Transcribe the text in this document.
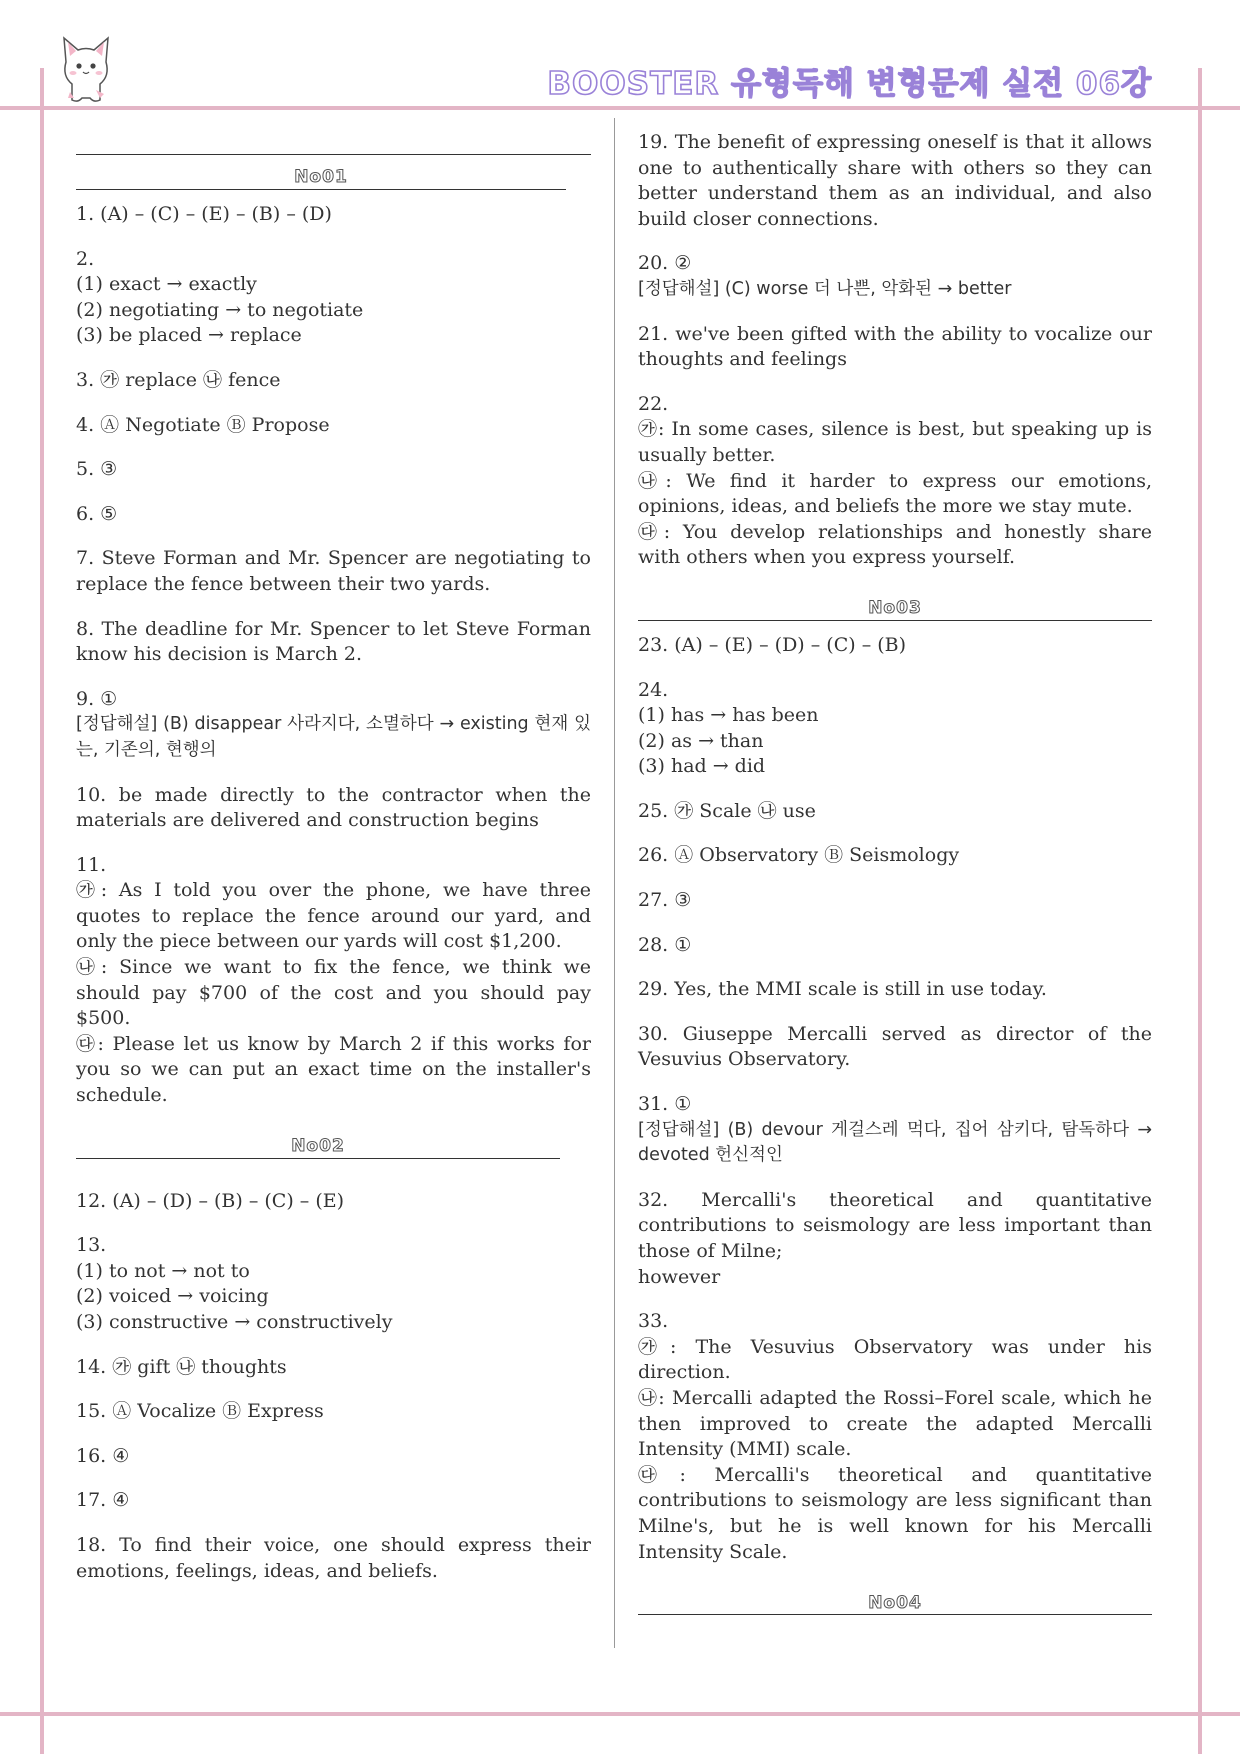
BOOSTER 유형독해 변형문제 실전 06강
No01
1. (A) – (C) – (E) – (B) – (D)
2.
(1) exact → exactly
(2) negotiating → to negotiate
(3) be placed → replace
3. ㉮ replace ㉯ fence
4. Ⓐ Negotiate Ⓑ Propose
5. ③
6. ⑤
7. Steve Forman and Mr. Spencer are negotiating to replace the fence between their two yards.
8. The deadline for Mr. Spencer to let Steve Forman know his decision is March 2.
9. ①
[정답해설] (B) disappear 사라지다, 소멸하다 → existing 현재 있는, 기존의, 현행의
10. be made directly to the contractor when the materials are delivered and construction begins
11.
㉮: As I told you over the phone, we have three quotes to replace the fence around our yard, and only the piece between our yards will cost $1,200.
㉯: Since we want to fix the fence, we think we should pay $700 of the cost and you should pay $500.
㉰: Please let us know by March 2 if this works for you so we can put an exact time on the installer's schedule.
No02
12. (A) – (D) – (B) – (C) – (E)
13.
(1) to not → not to
(2) voiced → voicing
(3) constructive → constructively
14. ㉮ gift ㉯ thoughts
15. Ⓐ Vocalize Ⓑ Express
16. ④
17. ④
18. To find their voice, one should express their emotions, feelings, ideas, and beliefs.
19. The benefit of expressing oneself is that it allows one to authentically share with others so they can better understand them as an individual, and also build closer connections.
20. ②
[정답해설] (C) worse 더 나쁜, 악화된 → better
21. we've been gifted with the ability to vocalize our thoughts and feelings
22.
㉮: In some cases, silence is best, but speaking up is usually better.
㉯: We find it harder to express our emotions, opinions, ideas, and beliefs the more we stay mute.
㉰: You develop relationships and honestly share with others when you express yourself.
No03
23. (A) – (E) – (D) – (C) – (B)
24.
(1) has → has been
(2) as → than
(3) had → did
25. ㉮ Scale ㉯ use
26. Ⓐ Observatory Ⓑ Seismology
27. ③
28. ①
29. Yes, the MMI scale is still in use today.
30. Giuseppe Mercalli served as director of the Vesuvius Observatory.
31. ①
[정답해설] (B) devour 게걸스레 먹다, 집어 삼키다, 탐독하다 → devoted 헌신적인
32. Mercalli's theoretical and quantitative contributions to seismology are less important than those of Milne;
however
33.
㉮: The Vesuvius Observatory was under his direction.
㉯: Mercalli adapted the Rossi–Forel scale, which he then improved to create the adapted Mercalli Intensity (MMI) scale.
㉰: Mercalli's theoretical and quantitative contributions to seismology are less significant than Milne's, but he is well known for his Mercalli Intensity Scale.
No04
